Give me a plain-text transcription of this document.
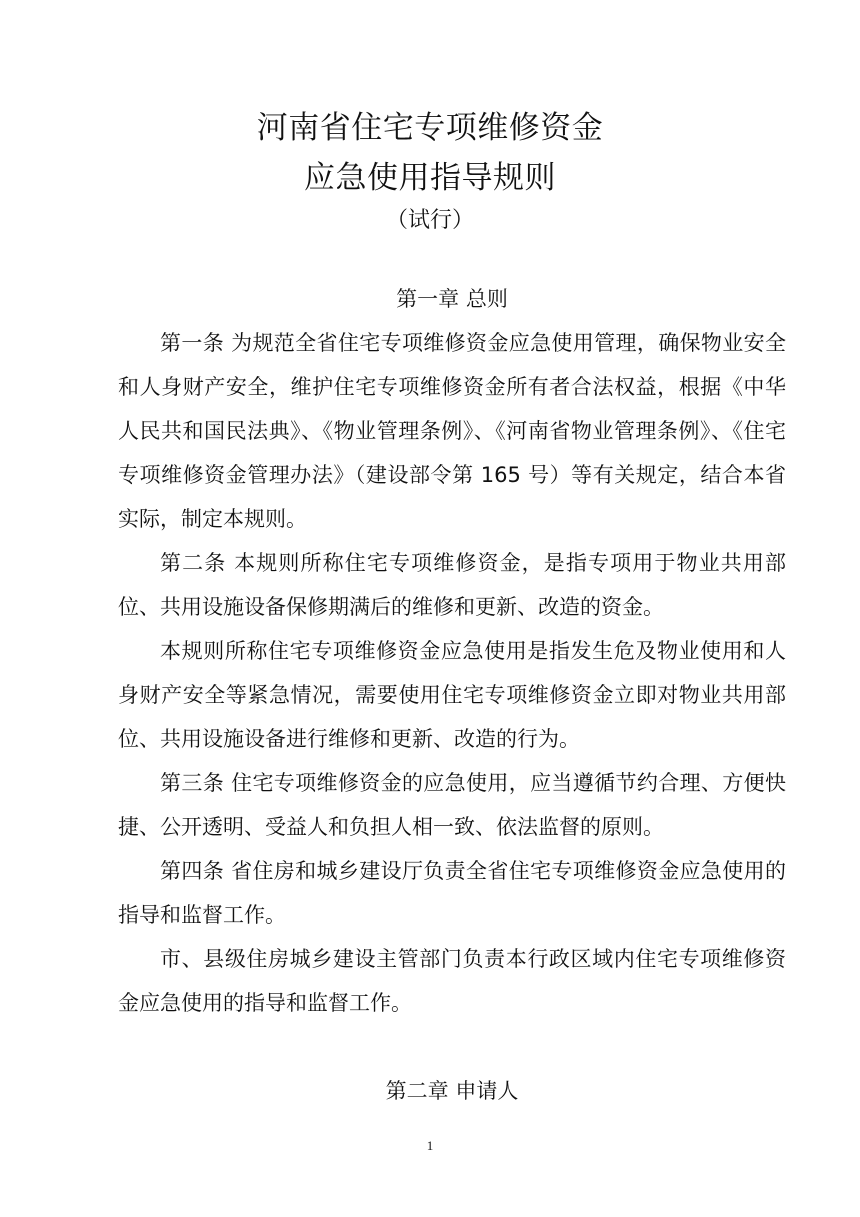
河南省住宅专项维修资金
应急使用指导规则
（试行）

第一章 总则

第一条 为规范全省住宅专项维修资金应急使用管理，确保物业安全和人身财产安全，维护住宅专项维修资金所有者合法权益，根据《中华人民共和国民法典》、《物业管理条例》、《河南省物业管理条例》、《住宅专项维修资金管理办法》（建设部令第 165 号）等有关规定，结合本省实际，制定本规则。

第二条 本规则所称住宅专项维修资金，是指专项用于物业共用部位、共用设施设备保修期满后的维修和更新、改造的资金。

本规则所称住宅专项维修资金应急使用是指发生危及物业使用和人身财产安全等紧急情况，需要使用住宅专项维修资金立即对物业共用部位、共用设施设备进行维修和更新、改造的行为。

第三条 住宅专项维修资金的应急使用，应当遵循节约合理、方便快捷、公开透明、受益人和负担人相一致、依法监督的原则。

第四条 省住房和城乡建设厅负责全省住宅专项维修资金应急使用的指导和监督工作。

市、县级住房城乡建设主管部门负责本行政区域内住宅专项维修资金应急使用的指导和监督工作。

第二章 申请人

1
